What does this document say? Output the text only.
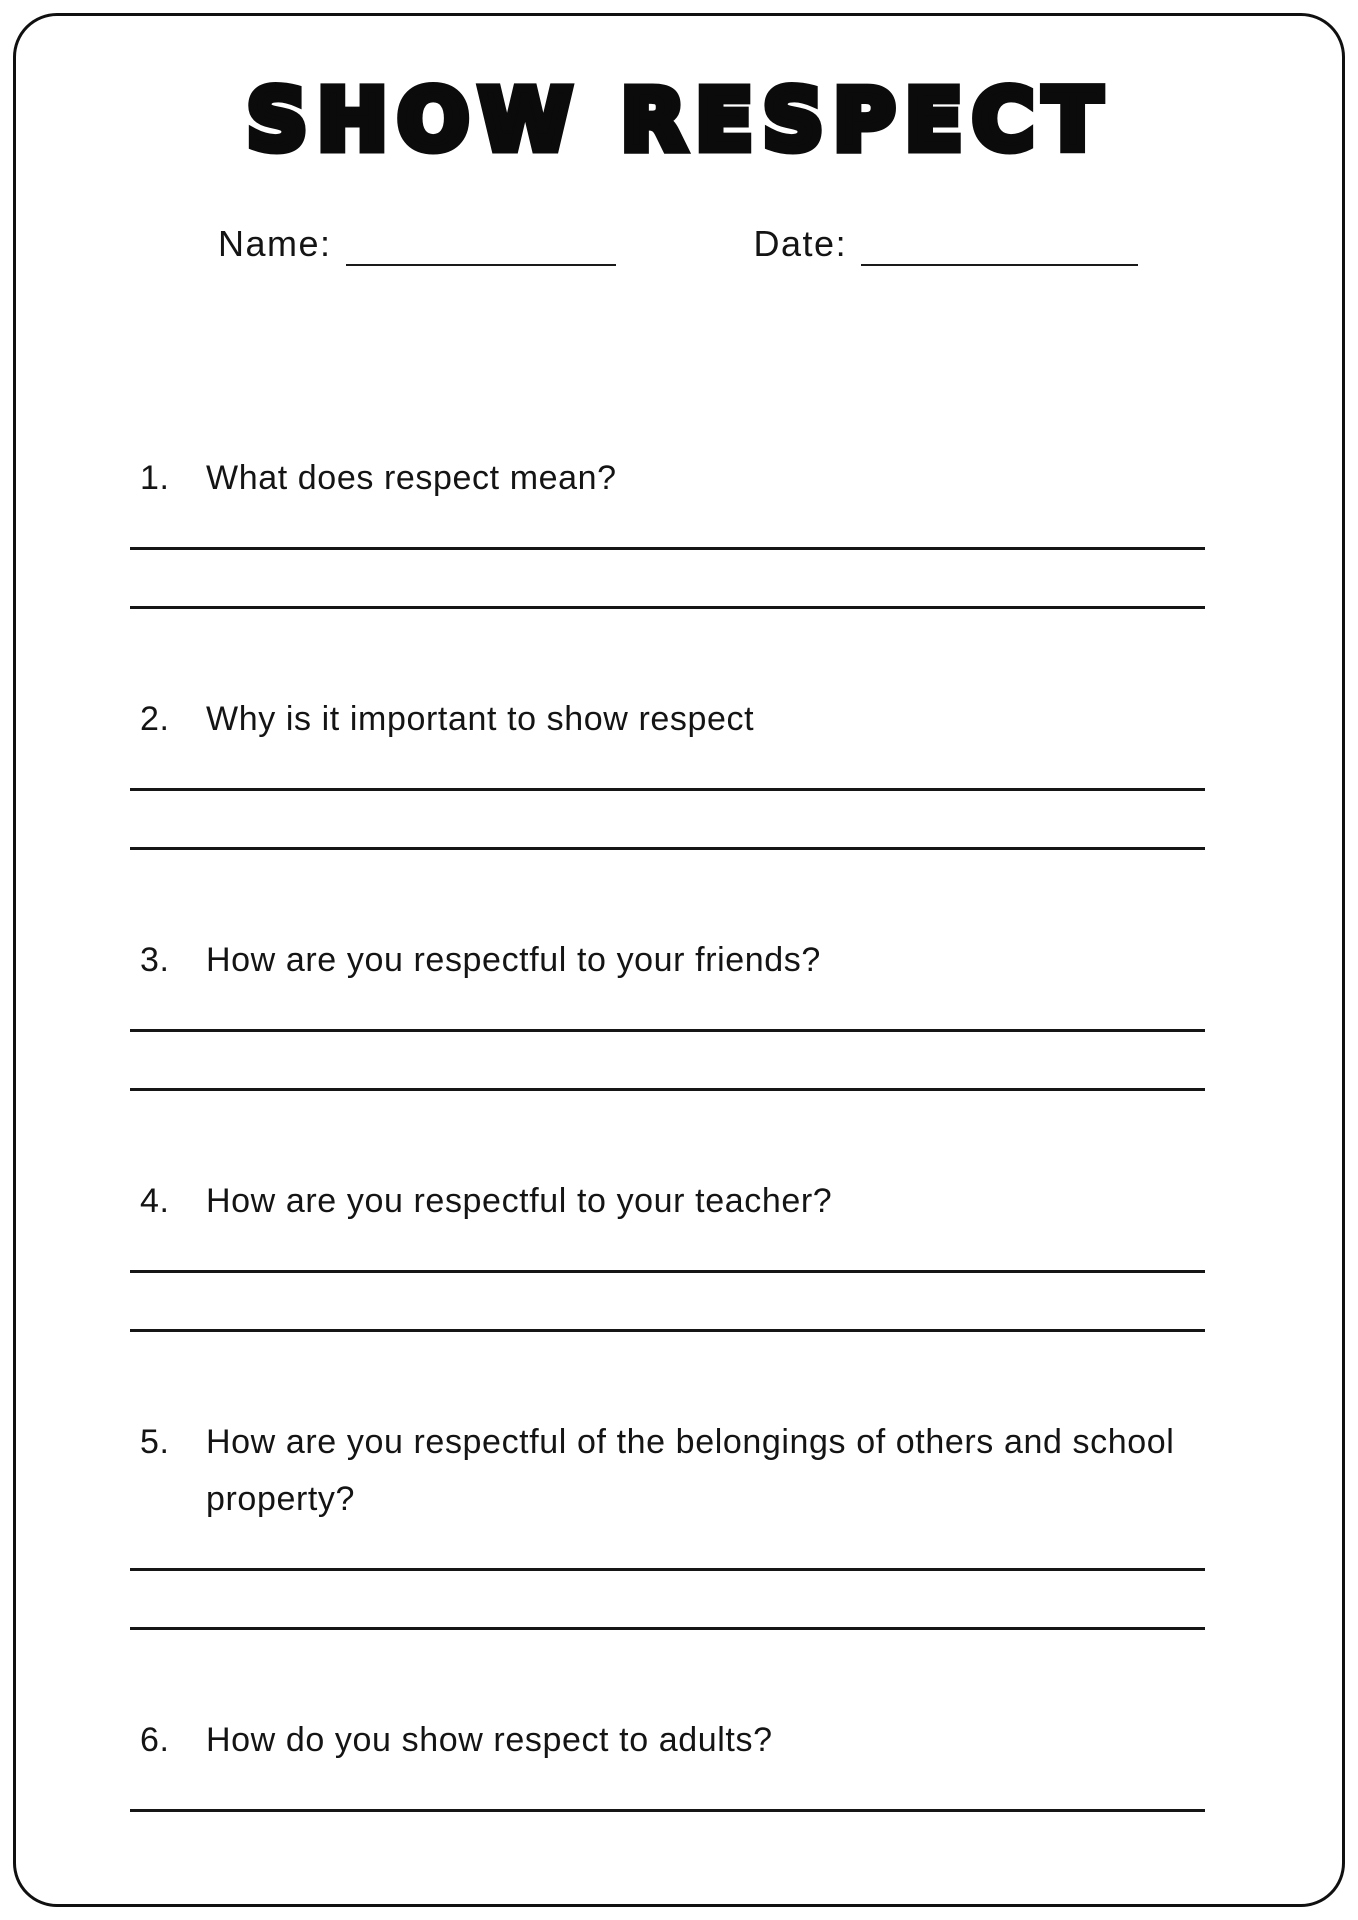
SHOW RESPECT
Name:	Date:
1.	What does respect mean?
2.	Why is it important to show respect
3.	How are you respectful to your friends?
4.	How are you respectful to your teacher?
5.	How are you respectful of the belongings of others and school property?
6.	How do you show respect to adults?
